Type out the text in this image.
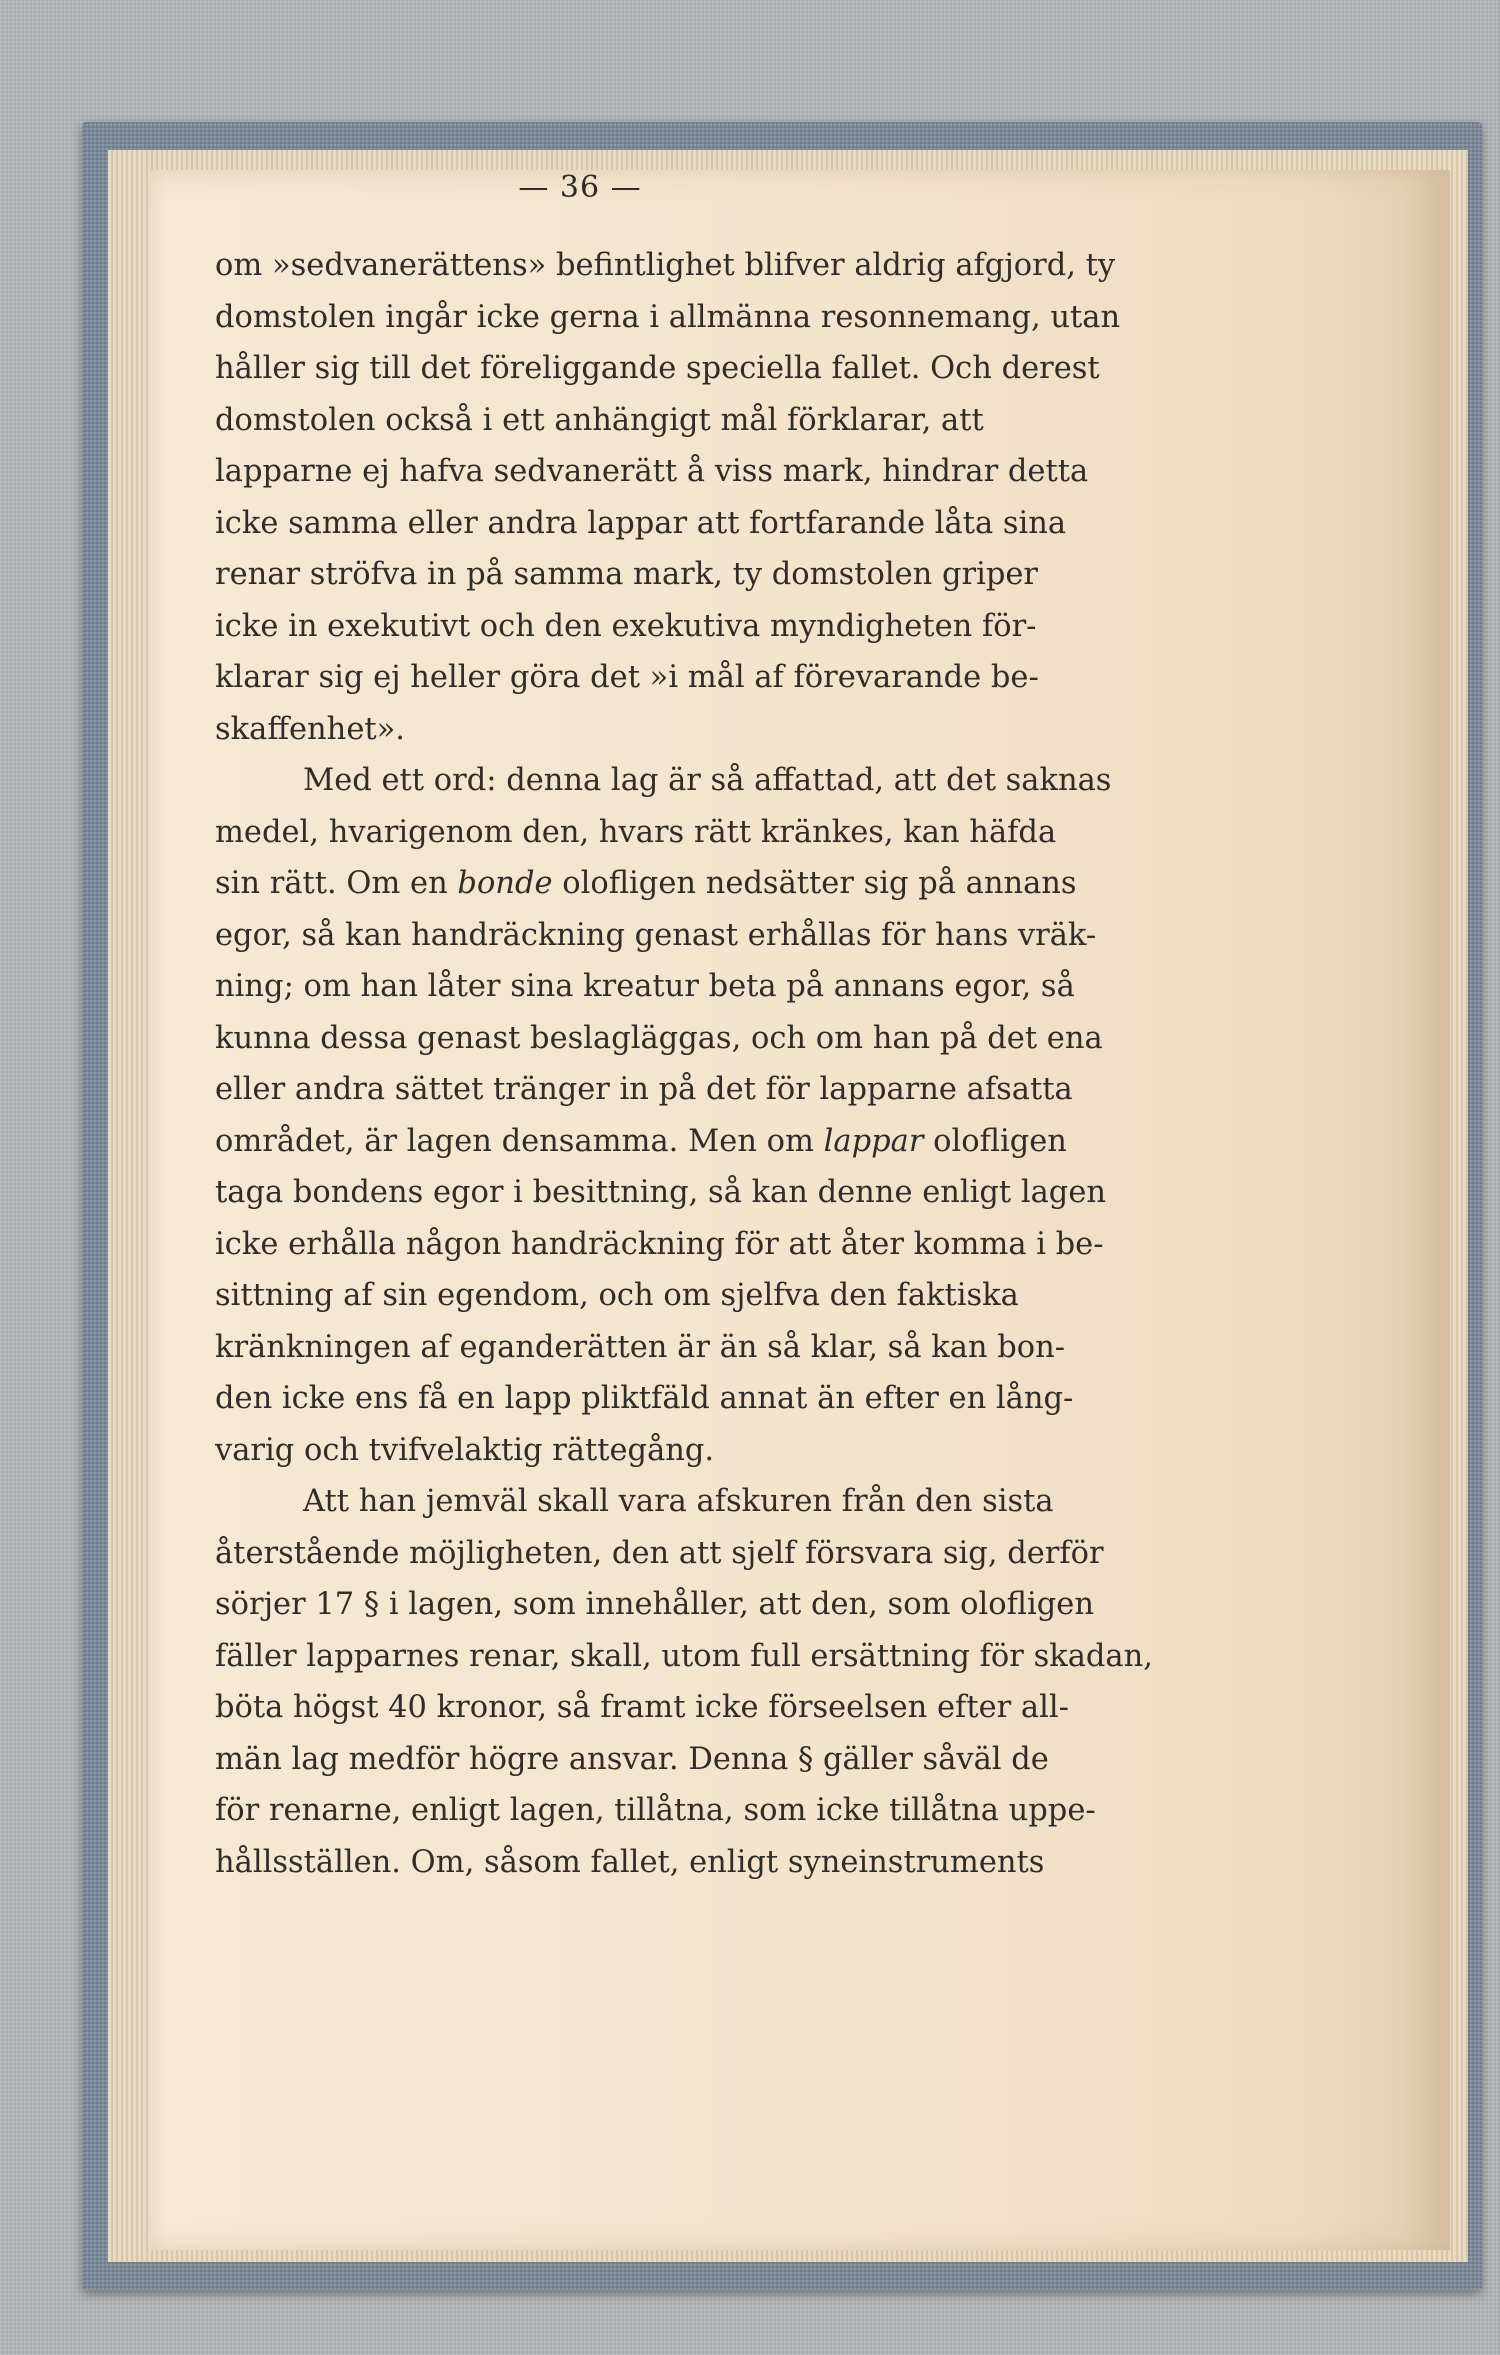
— 36 —
om »sedvanerättens» befintlighet blifver aldrig afgjord, ty
domstolen ingår icke gerna i allmänna resonnemang, utan
håller sig till det föreliggande speciella fallet. Och derest
domstolen också i ett anhängigt mål förklarar, att
lapparne ej hafva sedvanerätt å viss mark, hindrar detta
icke samma eller andra lappar att fortfarande låta sina
renar ströfva in på samma mark, ty domstolen griper
icke in exekutivt och den exekutiva myndigheten för-
klarar sig ej heller göra det »i mål af förevarande be-
skaffenhet».
Med ett ord: denna lag är så affattad, att det saknas
medel, hvarigenom den, hvars rätt kränkes, kan häfda
sin rätt. Om en bonde olofligen nedsätter sig på annans
egor, så kan handräckning genast erhållas för hans vräk-
ning; om han låter sina kreatur beta på annans egor, så
kunna dessa genast beslagläggas, och om han på det ena
eller andra sättet tränger in på det för lapparne afsatta
området, är lagen densamma. Men om lappar olofligen
taga bondens egor i besittning, så kan denne enligt lagen
icke erhålla någon handräckning för att åter komma i be-
sittning af sin egendom, och om sjelfva den faktiska
kränkningen af eganderätten är än så klar, så kan bon-
den icke ens få en lapp pliktfäld annat än efter en lång-
varig och tvifvelaktig rättegång.
Att han jemväl skall vara afskuren från den sista
återstående möjligheten, den att sjelf försvara sig, derför
sörjer 17 § i lagen, som innehåller, att den, som olofligen
fäller lapparnes renar, skall, utom full ersättning för skadan,
böta högst 40 kronor, så framt icke förseelsen efter all-
män lag medför högre ansvar. Denna § gäller såväl de
för renarne, enligt lagen, tillåtna, som icke tillåtna uppe-
hållsställen. Om, såsom fallet, enligt syneinstruments
